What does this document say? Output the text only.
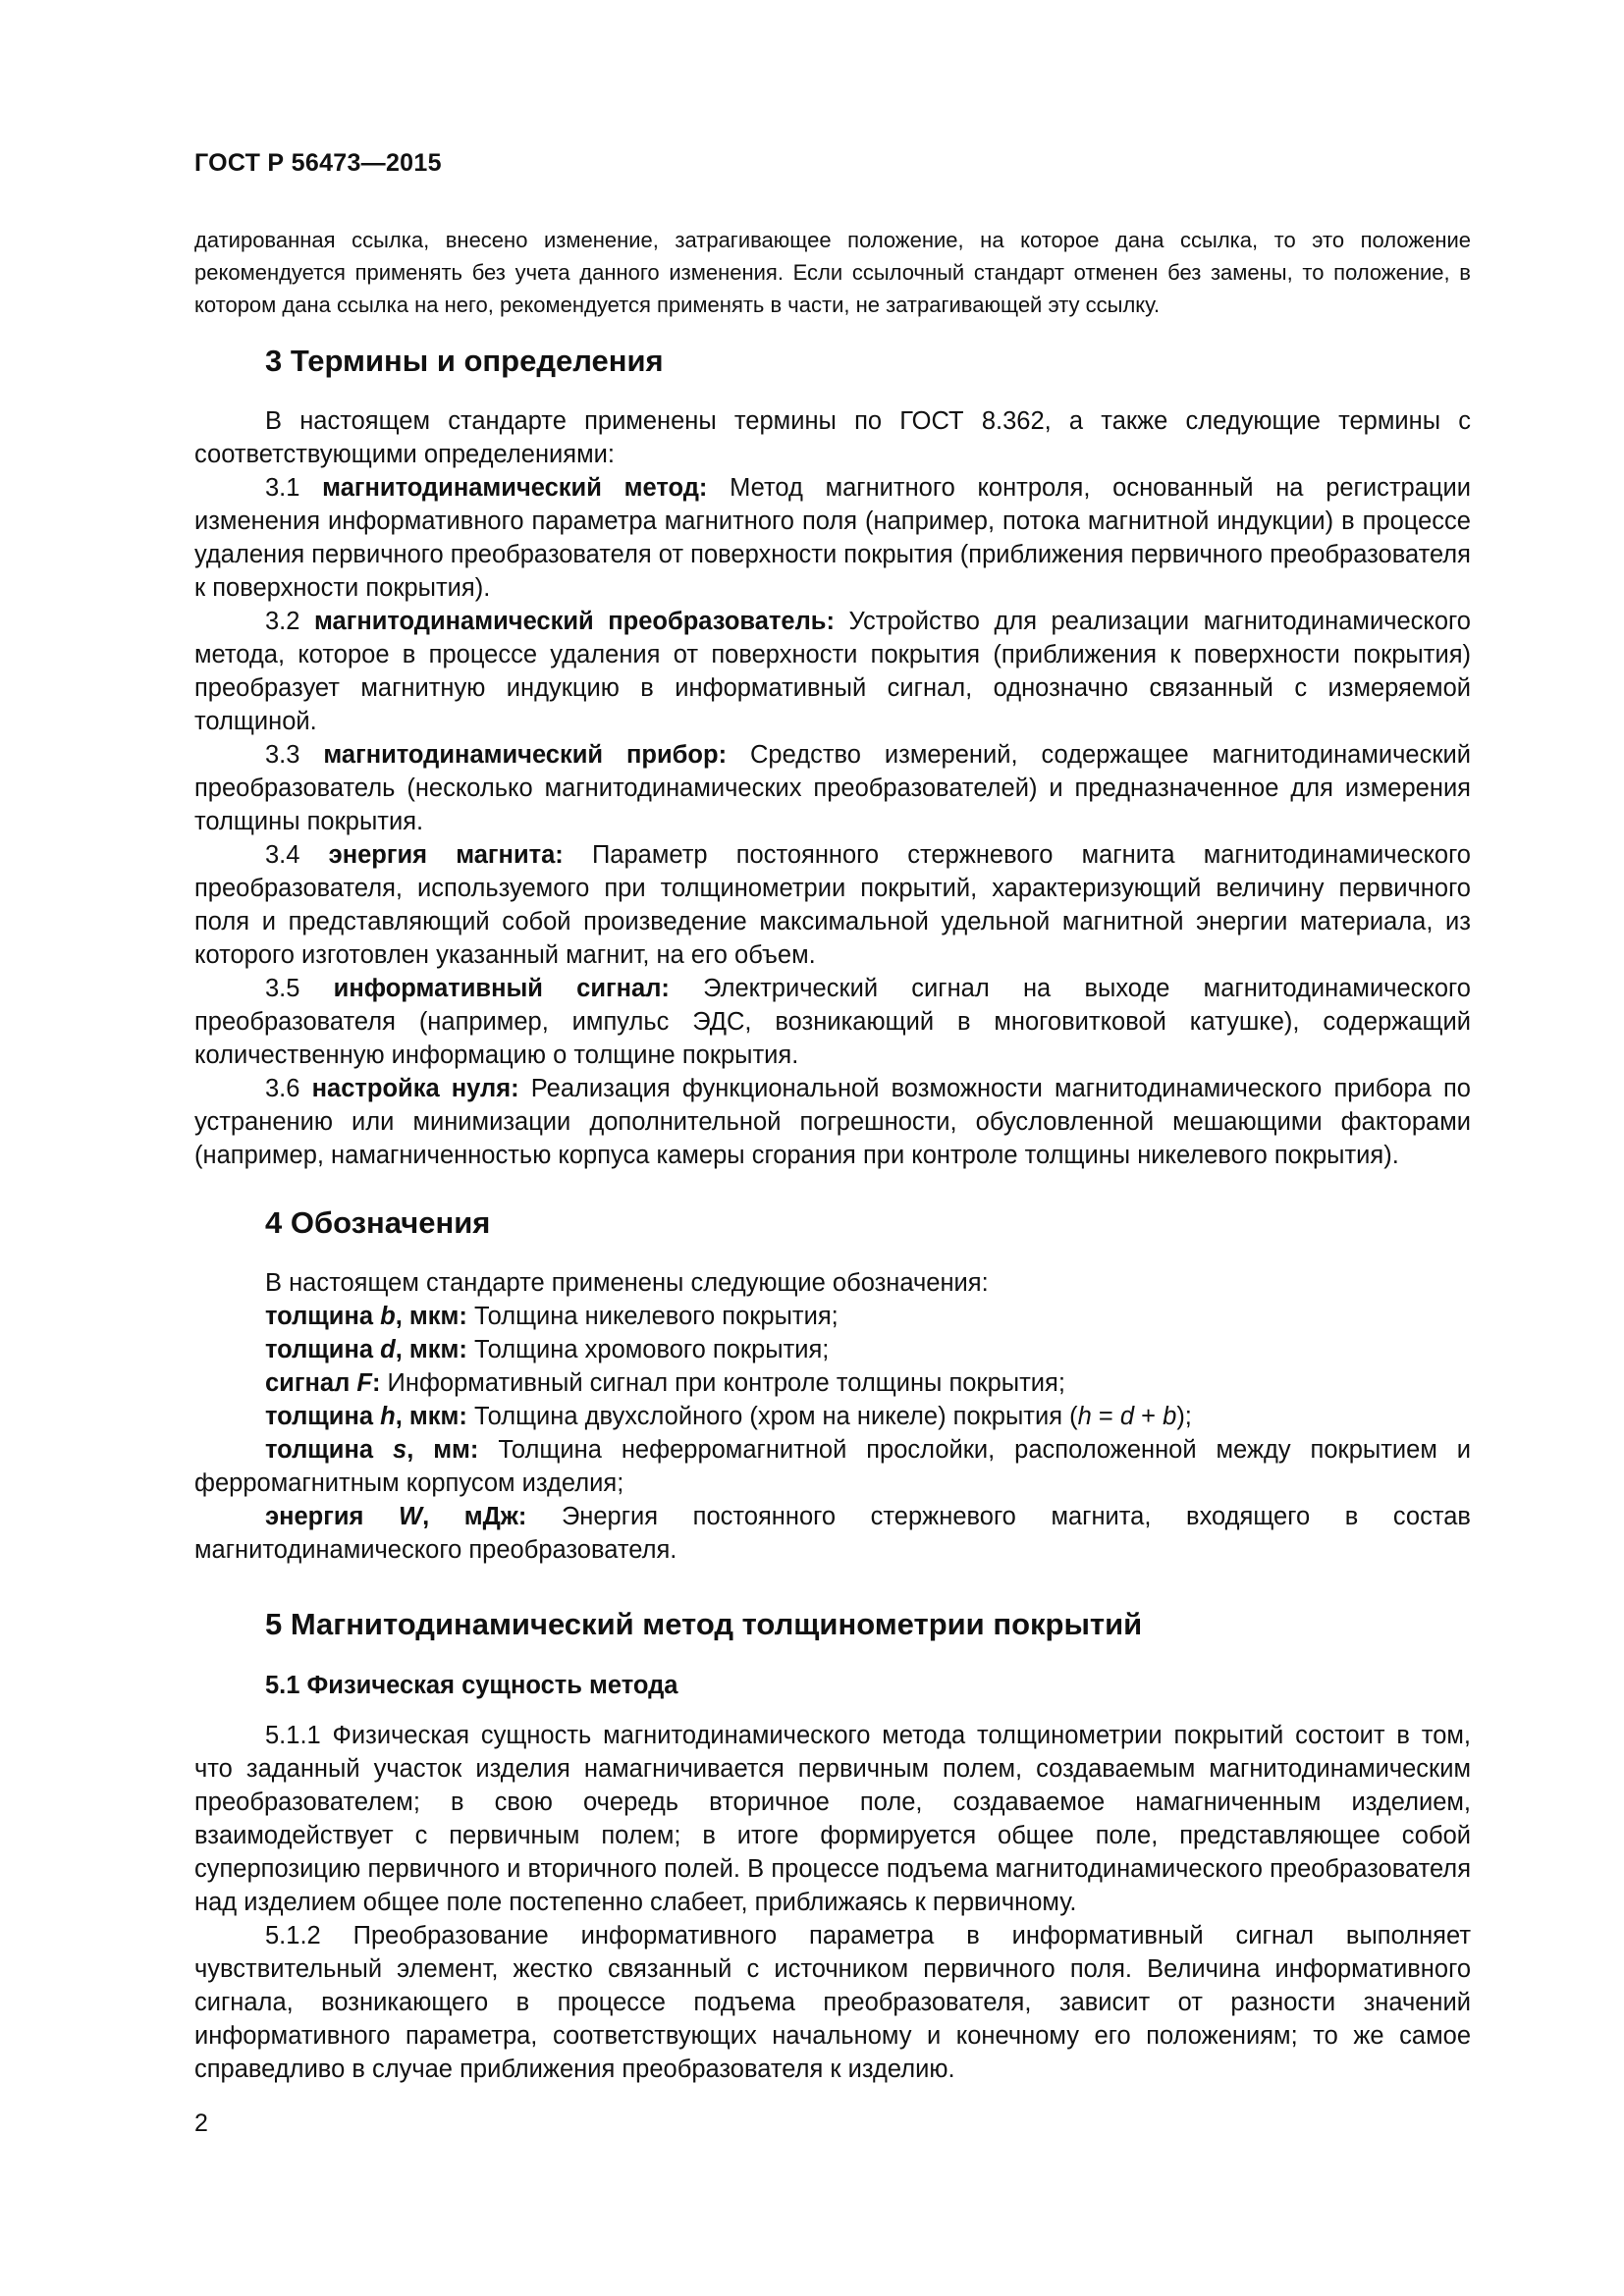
ГОСТ Р 56473—2015
датированная ссылка, внесено изменение, затрагивающее положение, на которое дана ссылка, то это положение рекомендуется применять без учета данного изменения. Если ссылочный стандарт отменен без замены, то положение, в котором дана ссылка на него, рекомендуется применять в части, не затрагивающей эту ссылку.
3 Термины и определения

В настоящем стандарте применены термины по ГОСТ 8.362, а также следующие термины с соответствующими определениями:

3.1 магнитодинамический метод: Метод магнитного контроля, основанный на регистрации изменения информативного параметра магнитного поля (например, потока магнитной индукции) в процессе удаления первичного преобразователя от поверхности покрытия (приближения первичного преобразователя к поверхности покрытия).

3.2 магнитодинамический преобразователь: Устройство для реализации магнитодинамического метода, которое в процессе удаления от поверхности покрытия (приближения к поверхности покрытия) преобразует магнитную индукцию в информативный сигнал, однозначно связанный с измеряемой толщиной.

3.3 магнитодинамический прибор: Средство измерений, содержащее магнитодинамический преобразователь (несколько магнитодинамических преобразователей) и предназначенное для измерения толщины покрытия.

3.4 энергия магнита: Параметр постоянного стержневого магнита магнитодинамического преобразователя, используемого при толщинометрии покрытий, характеризующий величину первичного поля и представляющий собой произведение максимальной удельной магнитной энергии материала, из которого изготовлен указанный магнит, на его объем.

3.5 информативный сигнал: Электрический сигнал на выходе магнитодинамического преобразователя (например, импульс ЭДС, возникающий в многовитковой катушке), содержащий количественную информацию о толщине покрытия.

3.6 настройка нуля: Реализация функциональной возможности магнитодинамического прибора по устранению или минимизации дополнительной погрешности, обусловленной мешающими факторами (например, намагниченностью корпуса камеры сгорания при контроле толщины никелевого покрытия).

4 Обозначения

В настоящем стандарте применены следующие обозначения:

толщина b, мкм: Толщина никелевого покрытия;

толщина d, мкм: Толщина хромового покрытия;

сигнал F: Информативный сигнал при контроле толщины покрытия;

толщина h, мкм: Толщина двухслойного (хром на никеле) покрытия (h = d + b);

толщина s, мм: Толщина неферромагнитной прослойки, расположенной между покрытием и ферромагнитным корпусом изделия;

энергия W, мДж: Энергия постоянного стержневого магнита, входящего в состав магнитодинамического преобразователя.

5 Магнитодинамический метод толщинометрии покрытий
5.1 Физическая сущность метода

5.1.1 Физическая сущность магнитодинамического метода толщинометрии покрытий состоит в том, что заданный участок изделия намагничивается первичным полем, создаваемым магнитодинамическим преобразователем; в свою очередь вторичное поле, создаваемое намагниченным изделием, взаимодействует с первичным полем; в итоге формируется общее поле, представляющее собой суперпозицию первичного и вторичного полей. В процессе подъема магнитодинамического преобразователя над изделием общее поле постепенно слабеет, приближаясь к первичному.

5.1.2 Преобразование информативного параметра в информативный сигнал выполняет чувствительный элемент, жестко связанный с источником первичного поля. Величина информативного сигнала, возникающего в процессе подъема преобразователя, зависит от разности значений информативного параметра, соответствующих начальному и конечному его положениям; то же самое справедливо в случае приближения преобразователя к изделию.

2
